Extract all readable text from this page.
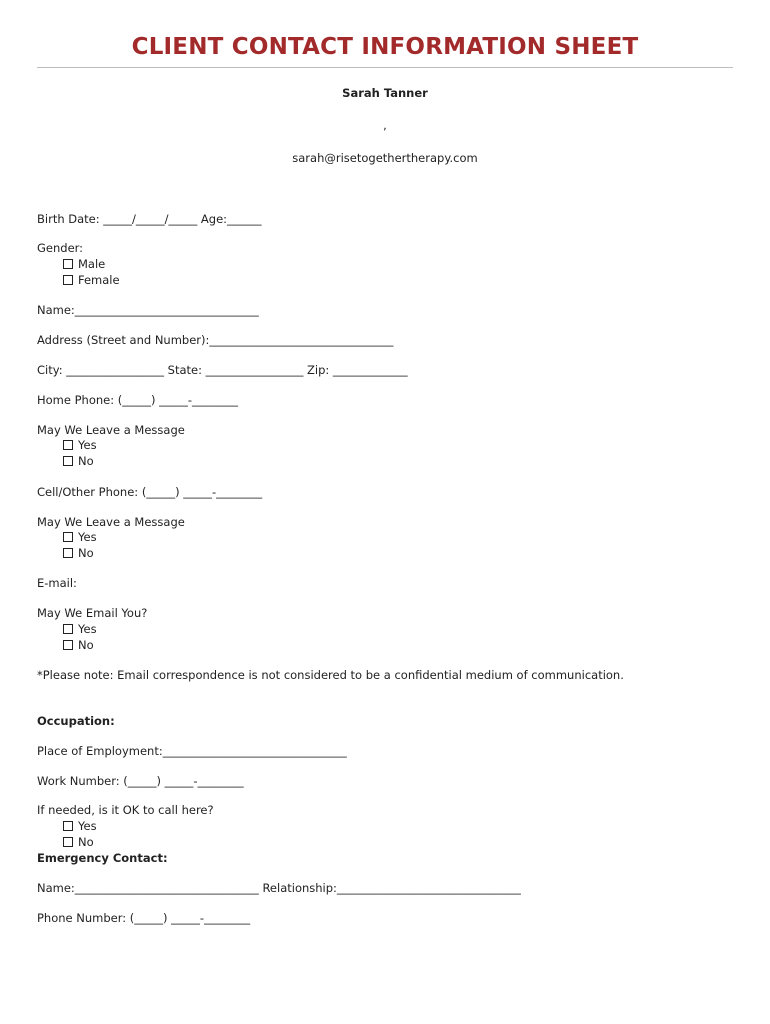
CLIENT CONTACT INFORMATION SHEET
Sarah Tanner
,
sarah@risetogethertherapy.com
Birth Date: _____/_____/_____ Age:______
Gender:
Male
Female
Name:________________________________
Address (Street and Number):________________________________
City: _________________ State: _________________ Zip: _____________
Home Phone: (_____) _____-________
May We Leave a Message
Yes
No
Cell/Other Phone: (_____) _____-________
May We Leave a Message
Yes
No
E-mail:
May We Email You?
Yes
No
*Please note: Email correspondence is not considered to be a confidential medium of communication.
Occupation:
Place of Employment:________________________________
Work Number: (_____) _____-________
If needed, is it OK to call here?
Yes
No
Emergency Contact:
Name:________________________________ Relationship:________________________________
Phone Number: (_____) _____-________
